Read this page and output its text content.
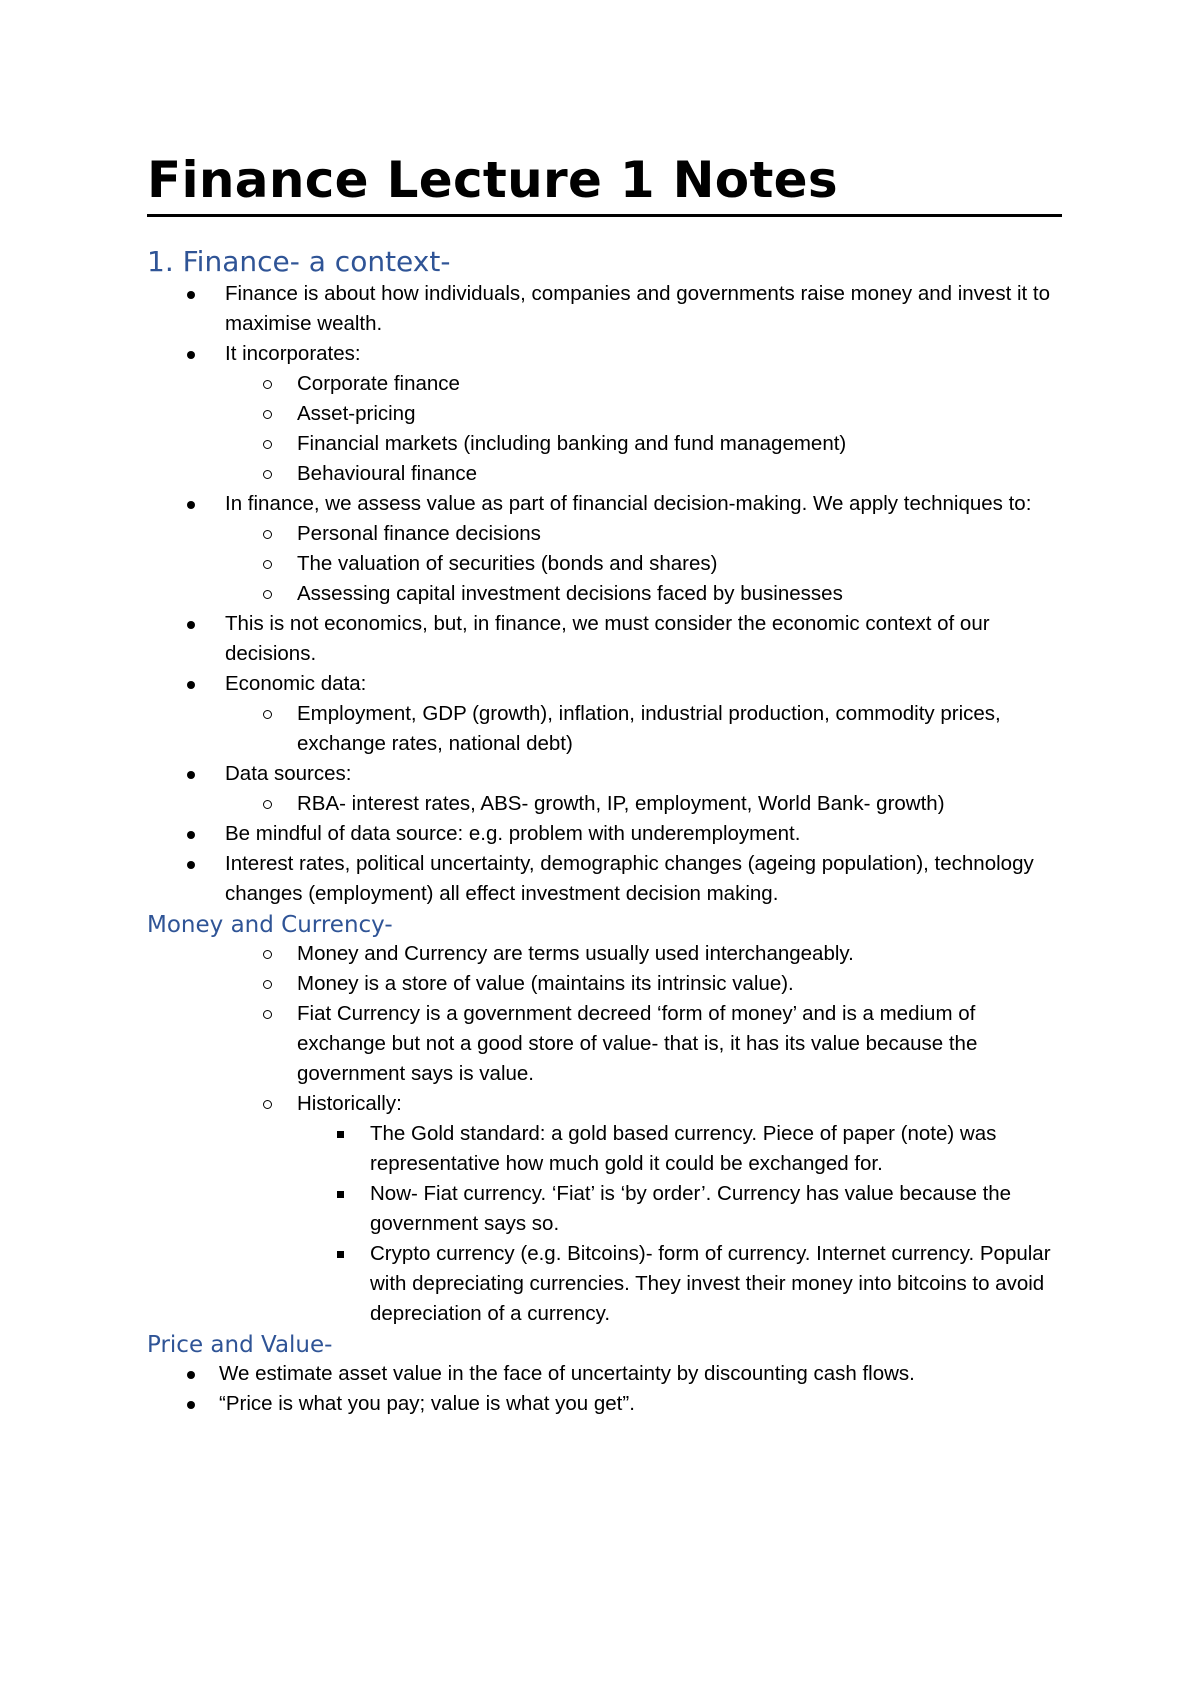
Finance Lecture 1 Notes
1. Finance- a context-
Finance is about how individuals, companies and governments raise money and invest it to maximise wealth.
It incorporates:
Corporate finance
Asset-pricing
Financial markets (including banking and fund management)
Behavioural finance
In finance, we assess value as part of financial decision-making. We apply techniques to:
Personal finance decisions
The valuation of securities (bonds and shares)
Assessing capital investment decisions faced by businesses
This is not economics, but, in finance, we must consider the economic context of our decisions.
Economic data:
Employment, GDP (growth), inflation, industrial production, commodity prices, exchange rates, national debt)
Data sources:
RBA- interest rates, ABS- growth, IP, employment, World Bank- growth)
Be mindful of data source: e.g. problem with underemployment.
Interest rates, political uncertainty, demographic changes (ageing population), technology changes (employment) all effect investment decision making.
Money and Currency-
Money and Currency are terms usually used interchangeably.
Money is a store of value (maintains its intrinsic value).
Fiat Currency is a government decreed ‘form of money’ and is a medium of exchange but not a good store of value- that is, it has its value because the government says is value.
Historically:
The Gold standard: a gold based currency. Piece of paper (note) was representative how much gold it could be exchanged for.
Now- Fiat currency. ‘Fiat’ is ‘by order’. Currency has value because the government says so.
Crypto currency (e.g. Bitcoins)- form of currency. Internet currency. Popular with depreciating currencies. They invest their money into bitcoins to avoid depreciation of a currency.
Price and Value-
We estimate asset value in the face of uncertainty by discounting cash flows.
“Price is what you pay; value is what you get”.
